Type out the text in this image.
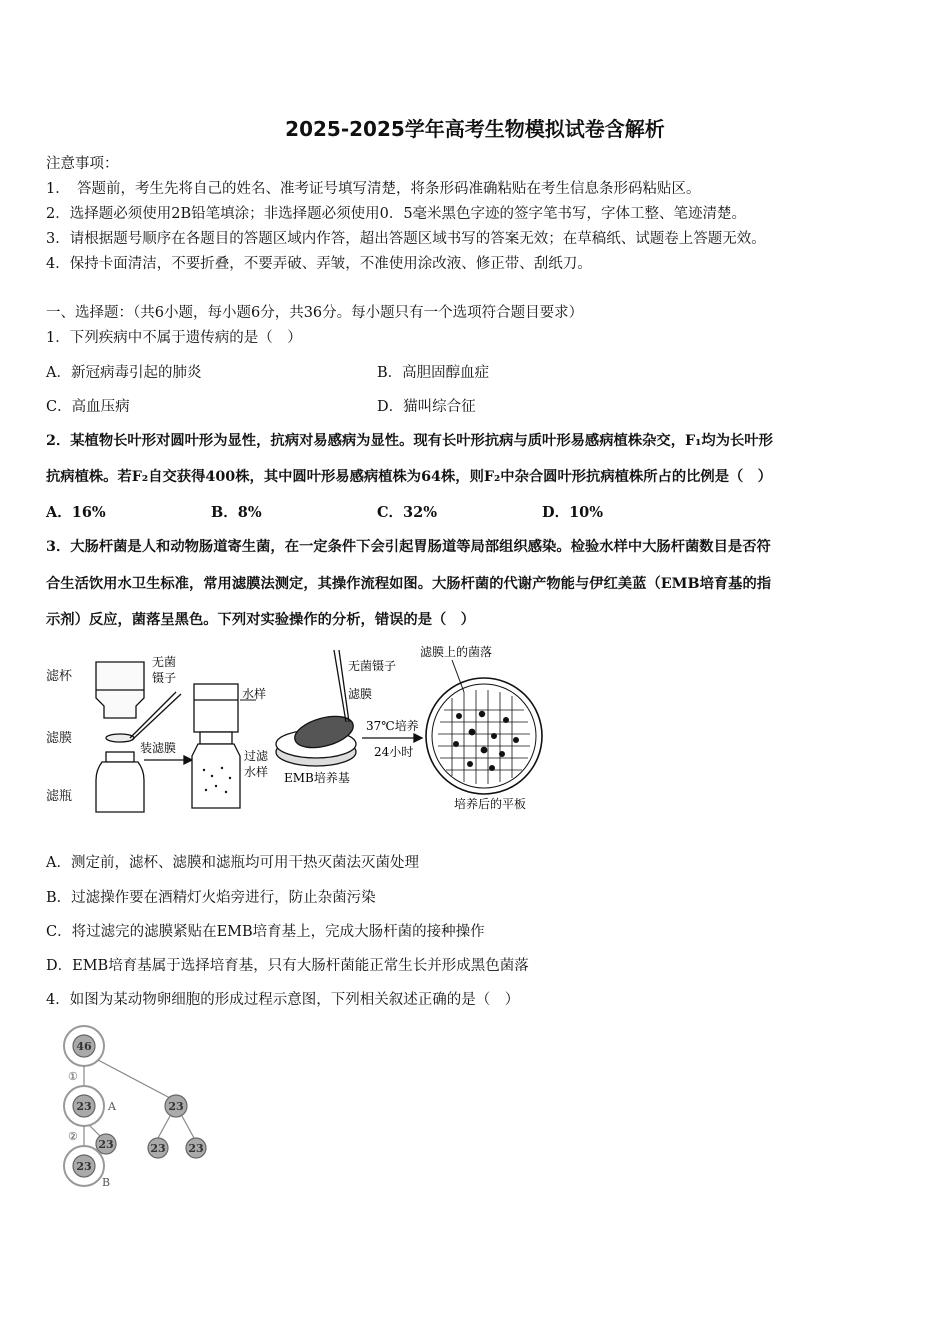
2025-2025学年高考生物模拟试卷含解析
注意事项：
1．　答题前，考生先将自己的姓名、准考证号填写清楚，将条形码准确粘贴在考生信息条形码粘贴区。
2．选择题必须使用2B铅笔填涂；非选择题必须使用0．5毫米黑色字迹的签字笔书写，字体工整、笔迹清楚。
3．请根据题号顺序在各题目的答题区域内作答，超出答题区域书写的答案无效；在草稿纸、试题卷上答题无效。
4．保持卡面清洁，不要折叠，不要弄破、弄皱，不准使用涂改液、修正带、刮纸刀。
一、选择题：（共6小题，每小题6分，共36分。每小题只有一个选项符合题目要求）
1．下列疾病中不属于遗传病的是（　）
A．新冠病毒引起的肺炎	B．高胆固醇血症
C．高血压病	D．猫叫综合征
2．某植物长叶形对圆叶形为显性，抗病对易感病为显性。现有长叶形抗病与质叶形易感病植株杂交，F₁均为长叶形
抗病植株。若F₂自交获得400株，其中圆叶形易感病植株为64株，则F₂中杂合圆叶形抗病植株所占的比例是（　）
A．16%	B．8%	C．32%	D．10%
3．大肠杆菌是人和动物肠道寄生菌，在一定条件下会引起胃肠道等局部组织感染。检验水样中大肠杆菌数目是否符
合生活饮用水卫生标准，常用滤膜法测定，其操作流程如图。大肠杆菌的代谢产物能与伊红美蓝（EMB培育基的指
示剂）反应，菌落呈黑色。下列对实验操作的分析，错误的是（　）
滤杯
滤膜
滤瓶
无菌
镊子
装滤膜
水样
过滤
水样
无菌镊子
滤膜
EMB培养基
37℃培养
24小时
滤膜上的菌落
培养后的平板
A．测定前，滤杯、滤膜和滤瓶均可用干热灭菌法灭菌处理
B．过滤操作要在酒精灯火焰旁进行，防止杂菌污染
C．将过滤完的滤膜紧贴在EMB培育基上，完成大肠杆菌的接种操作
D．EMB培育基属于选择培育基，只有大肠杆菌能正常生长并形成黑色菌落
4．如图为某动物卵细胞的形成过程示意图，下列相关叙述正确的是（　）
46
23	23
23 23
23
23
①
②
A
B
